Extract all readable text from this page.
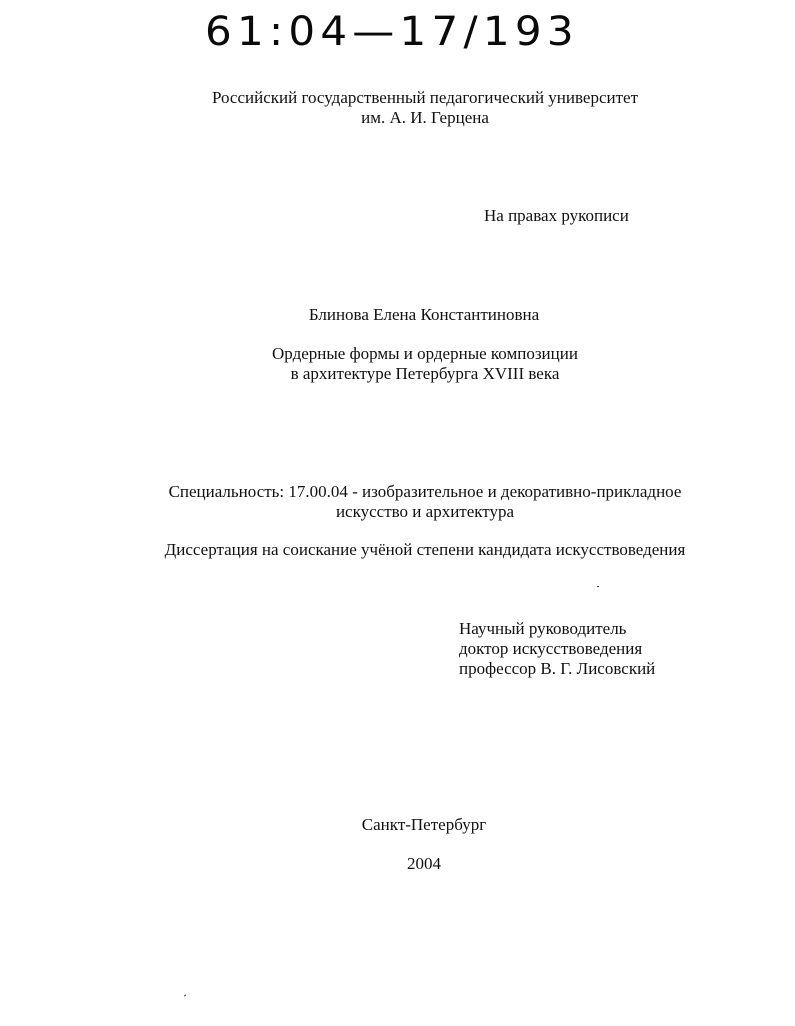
61:04—17/193
Российский государственный педагогический университет
им. А. И. Герцена
На правах рукописи
Блинова Елена Константиновна
Ордерные формы и ордерные композиции
в архитектуре Петербурга XVIII века
Специальность: 17.00.04 - изобразительное и декоративно-прикладное
искусство и архитектура
Диссертация на соискание учёной степени кандидата искусствоведения
Научный руководитель
доктор искусствоведения
профессор В. Г. Лисовский
Санкт-Петербург
2004
